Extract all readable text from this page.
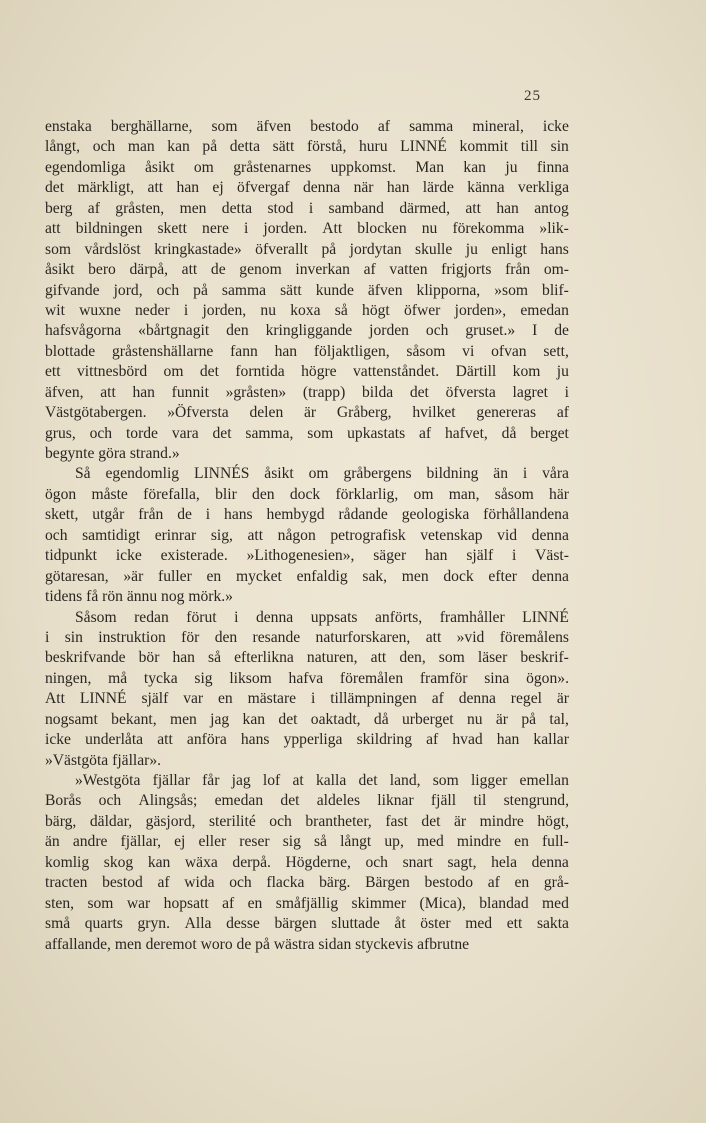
25
enstaka berghällarne, som äfven bestodo af samma mineral, icke
långt, och man kan på detta sätt förstå, huru LINNÉ kommit till sin
egendomliga åsikt om gråstenarnes uppkomst. Man kan ju finna
det märkligt, att han ej öfvergaf denna när han lärde känna verkliga
berg af gråsten, men detta stod i samband därmed, att han antog
att bildningen skett nere i jorden. Att blocken nu förekomma »lik-
som vårdslöst kringkastade» öfverallt på jordytan skulle ju enligt hans
åsikt bero därpå, att de genom inverkan af vatten frigjorts från om-
gifvande jord, och på samma sätt kunde äfven klipporna, »som blif-
wit wuxne neder i jorden, nu koxa så högt öfwer jorden», emedan
hafsvågorna «bårtgnagit den kringliggande jorden och gruset.» I de
blottade gråstenshällarne fann han följaktligen, såsom vi ofvan sett,
ett vittnesbörd om det forntida högre vattenståndet. Därtill kom ju
äfven, att han funnit »gråsten» (trapp) bilda det öfversta lagret i
Västgötabergen. »Öfversta delen är Gråberg, hvilket genereras af
grus, och torde vara det samma, som upkastats af hafvet, då berget
begynte göra strand.»
Så egendomlig LINNÉS åsikt om gråbergens bildning än i våra
ögon måste förefalla, blir den dock förklarlig, om man, såsom här
skett, utgår från de i hans hembygd rådande geologiska förhållandena
och samtidigt erinrar sig, att någon petrografisk vetenskap vid denna
tidpunkt icke existerade. »Lithogenesien», säger han själf i Väst-
götaresan, »är fuller en mycket enfaldig sak, men dock efter denna
tidens få rön ännu nog mörk.»
Såsom redan förut i denna uppsats anförts, framhåller LINNÉ
i sin instruktion för den resande naturforskaren, att »vid föremålens
beskrifvande bör han så efterlikna naturen, att den, som läser beskrif-
ningen, må tycka sig liksom hafva föremålen framför sina ögon».
Att LINNÉ själf var en mästare i tillämpningen af denna regel är
nogsamt bekant, men jag kan det oaktadt, då urberget nu är på tal,
icke underlåta att anföra hans ypperliga skildring af hvad han kallar
»Västgöta fjällar».
»Westgöta fjällar får jag lof at kalla det land, som ligger emellan
Borås och Alingsås; emedan det aldeles liknar fjäll til stengrund,
bärg, däldar, gäsjord, sterilité och brantheter, fast det är mindre högt,
än andre fjällar, ej eller reser sig så långt up, med mindre en full-
komlig skog kan wäxa derpå. Högderne, och snart sagt, hela denna
tracten bestod af wida och flacka bärg. Bärgen bestodo af en grå-
sten, som war hopsatt af en småfjällig skimmer (Mica), blandad med
små quarts gryn. Alla desse bärgen sluttade åt öster med ett sakta
affallande, men deremot woro de på wästra sidan styckevis afbrutne
